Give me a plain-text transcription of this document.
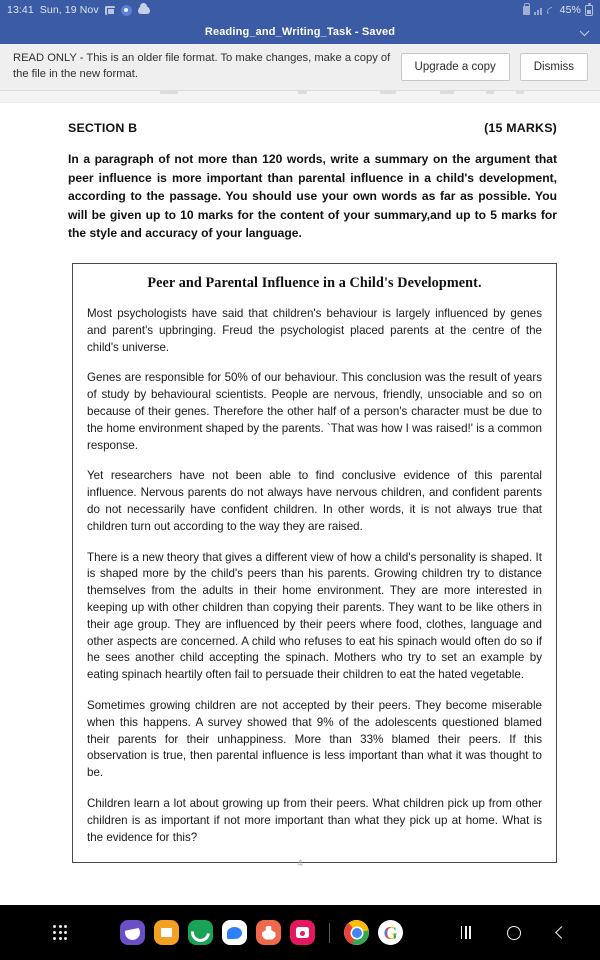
13:41 Sun, 19 Nov	45%
Reading_and_Writing_Task - Saved
READ ONLY - This is an older file format. To make changes, make a copy of the file in the new format.
Upgrade a copy	Dismiss
SECTION B	(15 MARKS)
In a paragraph of not more than 120 words, write a summary on the argument that peer influence is more important than parental influence in a child's development, according to the passage. You should use your own words as far as possible. You will be given up to 10 marks for the content of your summary,and up to 5 marks for the style and accuracy of your language.
Peer and Parental Influence in a Child's Development.

Most psychologists have said that children's behaviour is largely influenced by genes and parent's upbringing. Freud the psychologist placed parents at the centre of the child's universe.

Genes are responsible for 50% of our behaviour. This conclusion was the result of years of study by behavioural scientists. People are nervous, friendly, unsociable and so on because of their genes. Therefore the other half of a person's character must be due to the home environment shaped by the parents. `That was how I was raised!' is a common response.

Yet researchers have not been able to find conclusive evidence of this parental influence. Nervous parents do not always have nervous children, and confident parents do not necessarily have confident children. In other words, it is not always true that children turn out according to the way they are raised.

There is a new theory that gives a different view of how a child's personality is shaped. It is shaped more by the child's peers than his parents. Growing children try to distance themselves from the adults in their home environment. They are more interested in keeping up with other children than copying their parents. They want to be like others in their age group. They are influenced by their peers where food, clothes, language and other aspects are concerned. A child who refuses to eat his spinach would often do so if he sees another child accepting the spinach. Mothers who try to set an example by eating spinach heartily often fail to persuade their children to eat the hated vegetable.

Sometimes growing children are not accepted by their peers. They become miserable when this happens. A survey showed that 9% of the adolescents questioned blamed their parents for their unhappiness. More than 33% blamed their peers. If this observation is true, then parental influence is less important than what it was thought to be.

Children learn a lot about growing up from their peers. What children pick up from other children is as important if not more important than what they pick up at home. What is the evidence for this?

4
G
